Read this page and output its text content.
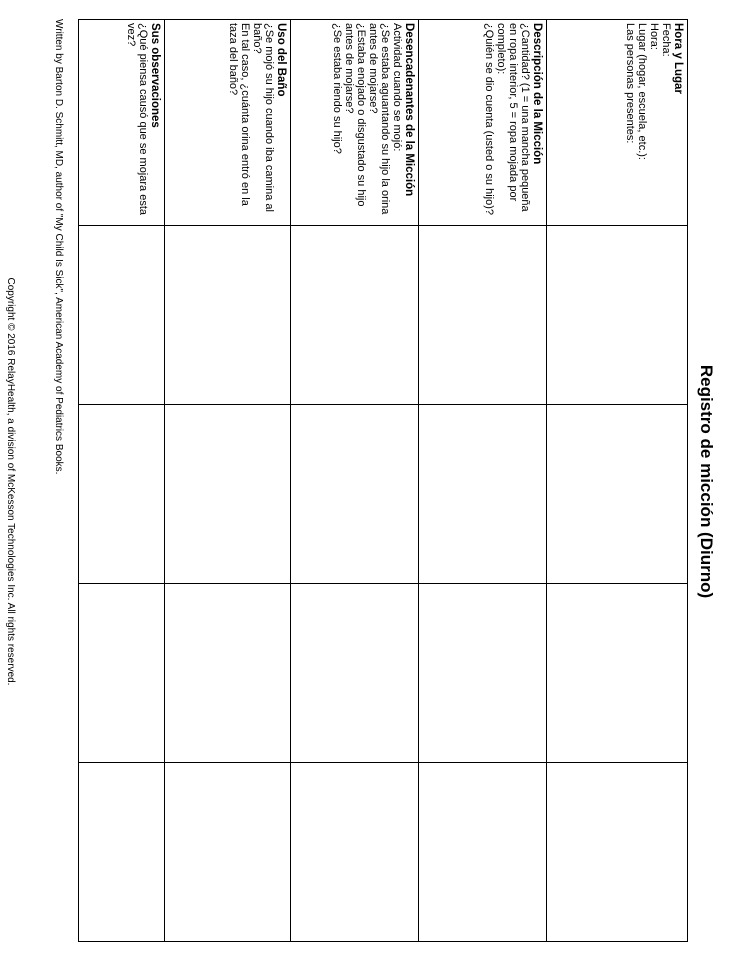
Registro de micción (Diurno)
Hora y Lugar
Fecha:
Hora:
Lugar (hogar, escuela, etc.):
Las personas presentes:				

Descripción de la Micción
¿Cantidad? (1 = una mancha pequeña en ropa interior, 5 = ropa mojada por completo):
¿Quién se dio cuenta (usted o su hijo)?				

Desencadenantes de la Micción
Actividad cuando se mojó:
¿Se estaba aguantando su hijo la orina antes de mojarse?
¿Estaba enojado o disgustado su hijo antes de mojarse?
¿Se estaba riendo su hijo?				

Uso del Baño
¿Se mojó su hijo cuando iba camina al baño?
En tal caso, ¿cuánta orina entró en la taza del baño?				

Sus observaciones
¿Qué piensa causó que se mojara esta vez?				

Written by Barton D. Schmitt, MD, author of "My Child Is Sick", American Academy of Pediatrics Books.

Copyright © 2016 RelayHealth, a division of McKesson Technologies Inc. All rights reserved.
